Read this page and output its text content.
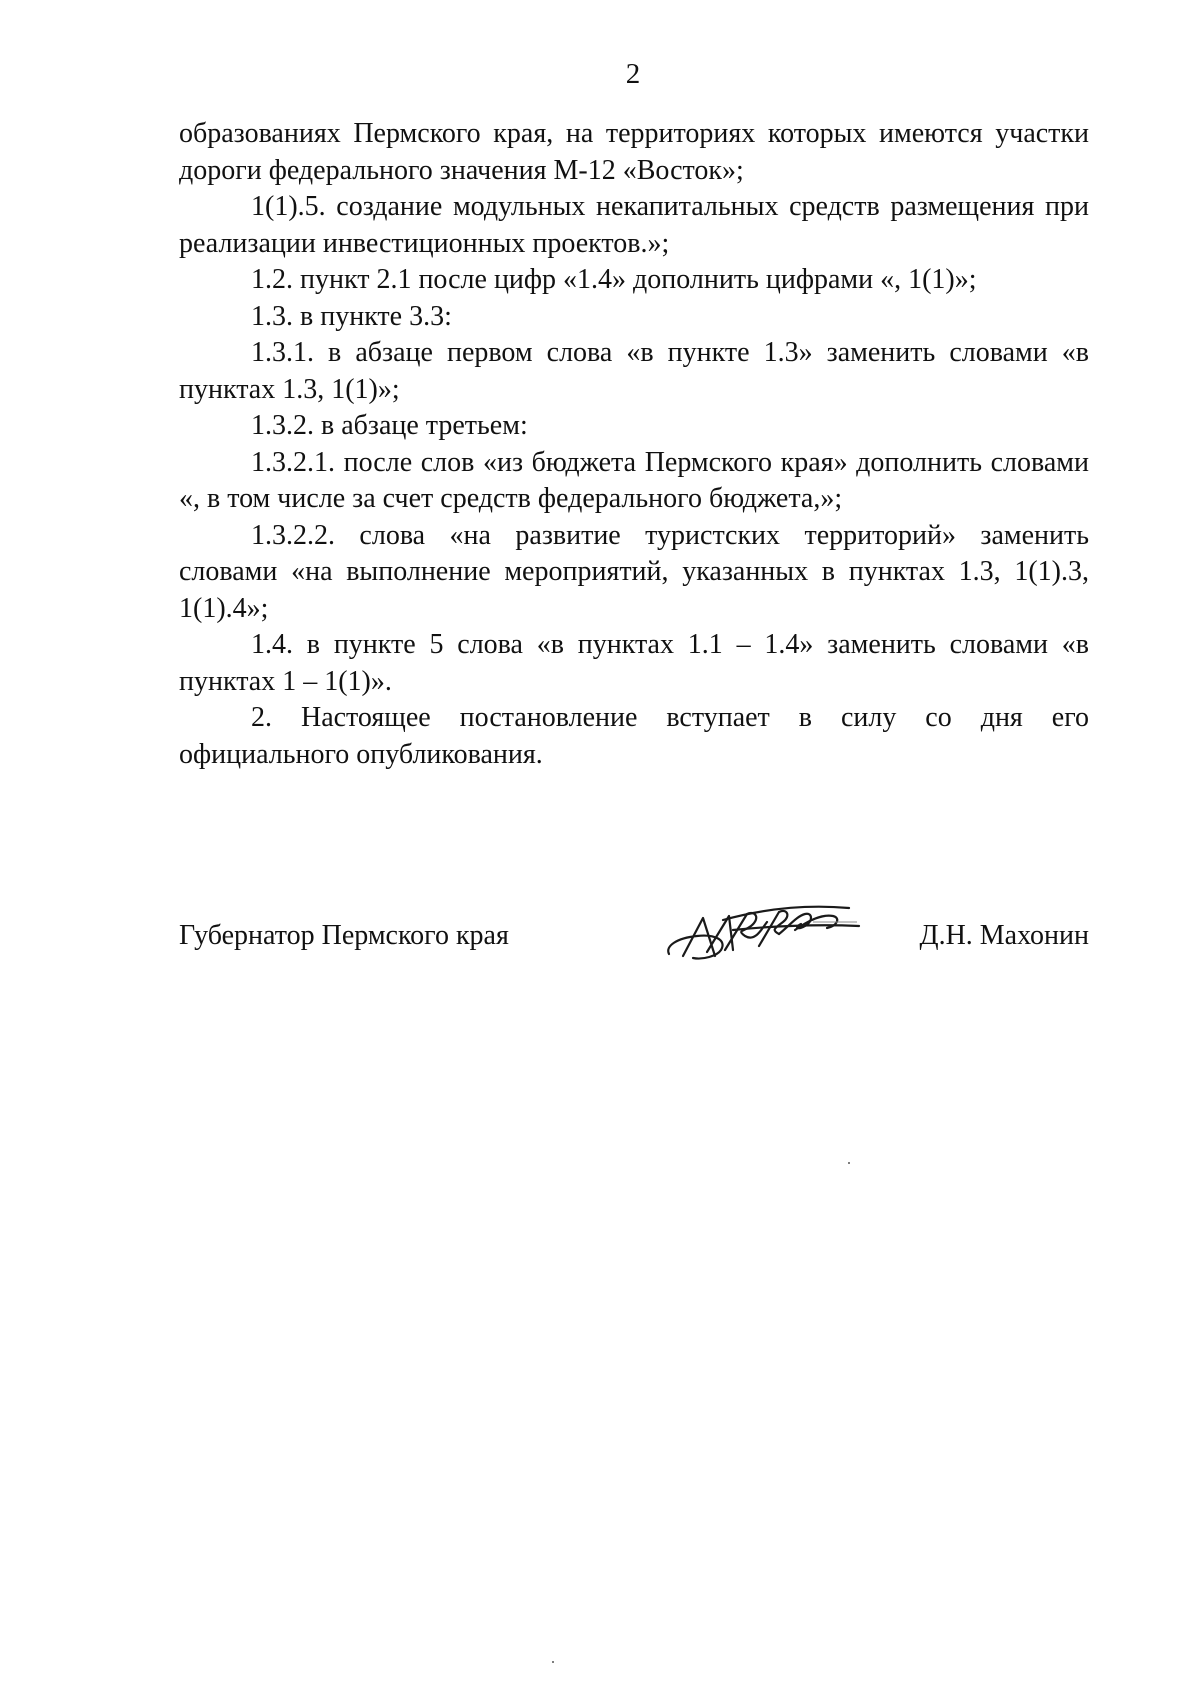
2

образованиях Пермского края, на территориях которых имеются участки дороги федерального значения М-12 «Восток»;

1(1).5. создание модульных некапитальных средств размещения при реализации инвестиционных проектов.»;

1.2. пункт 2.1 после цифр «1.4» дополнить цифрами «, 1(1)»;

1.3. в пункте 3.3:

1.3.1. в абзаце первом слова «в пункте 1.3» заменить словами «в пунктах 1.3, 1(1)»;

1.3.2. в абзаце третьем:

1.3.2.1. после слов «из бюджета Пермского края» дополнить словами «, в том числе за счет средств федерального бюджета,»;

1.3.2.2. слова «на развитие туристских территорий» заменить словами «на выполнение мероприятий, указанных в пунктах 1.3, 1(1).3, 1(1).4»;

1.4. в пункте 5 слова «в пунктах 1.1 – 1.4» заменить словами «в пунктах 1 – 1(1)».

2. Настоящее постановление вступает в силу со дня его официального опубликования.

Губернатор Пермского края	Д.Н. Махонин
